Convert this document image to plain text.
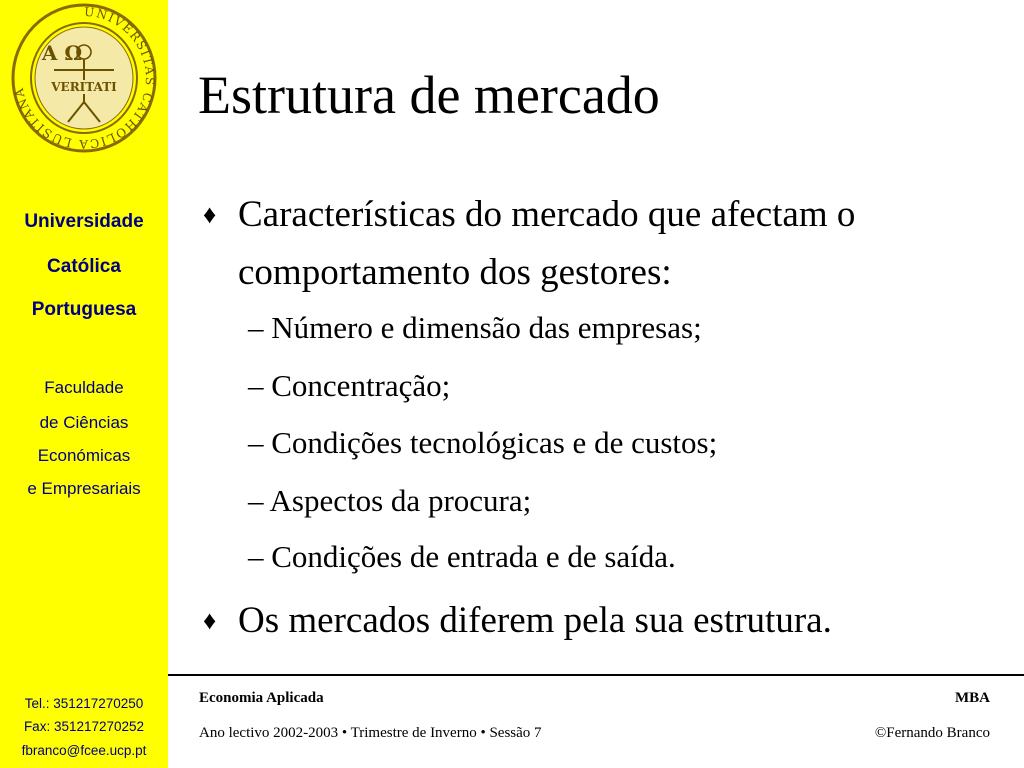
UNIVERSITAS CATHOLICA LUSITANA
A Ω
VERITATI
Universidade
Católica
Portuguesa
Faculdade
de Ciências
Económicas
e Empresariais
Tel.: 351217270250
Fax: 351217270252
fbranco@fcee.ucp.pt
Estrutura de mercado
♦ Características do mercado que afectam o
comportamento dos gestores:
– Número e dimensão das empresas;
– Concentração;
– Condições tecnológicas e de custos;
– Aspectos da procura;
– Condições de entrada e de saída.
♦ Os mercados diferem pela sua estrutura.
Economia Aplicada	MBA
Ano lectivo 2002-2003 • Trimestre de Inverno • Sessão 7	©Fernando Branco
